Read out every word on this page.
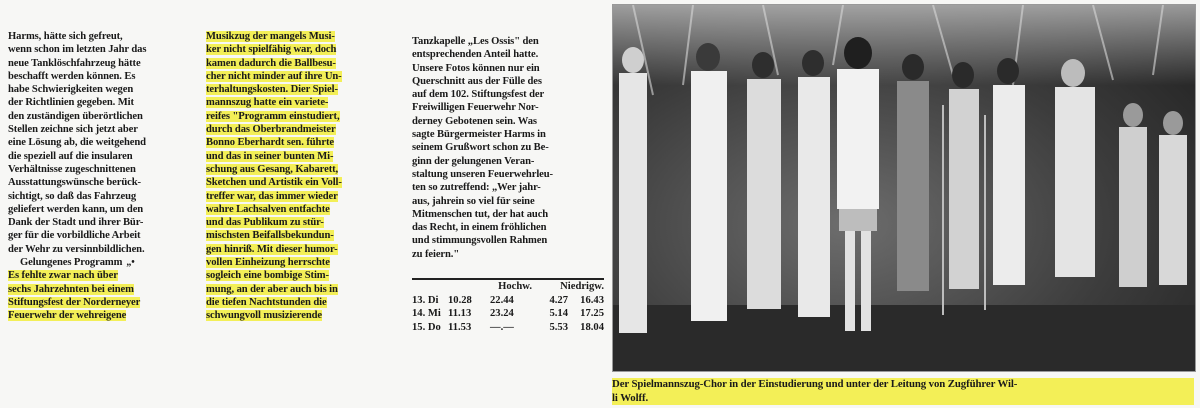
Harms, hätte sich gefreut,
wenn schon im letzten Jahr das
neue Tanklöschfahrzeug hätte
beschafft werden können. Es
habe Schwierigkeiten wegen
der Richtlinien gegeben. Mit
den zuständigen überörtlichen
Stellen zeichne sich jetzt aber
eine Lösung ab, die weitgehend
die speziell auf die insularen
Verhältnisse zugeschnittenen
Ausstattungswünsche berück-
sichtigt, so daß das Fahrzeug
geliefert werden kann, um den
Dank der Stadt und ihrer Bür-
ger für die vorbildliche Arbeit
der Wehr zu versinnbildlichen.

Gelungenes Programm „•

Es fehlte zwar nach über
sechs Jahrzehnten bei einem
Stiftungsfest der Norderneyer
Feuerwehr der wehreigene

Musikzug der mangels Musi-
ker nicht spielfähig war, doch
kamen dadurch die Ballbesu-
cher nicht minder auf ihre Un-
terhaltungskosten. Dier Spiel-
mannszug hatte ein variete-
reifes "Programm einstudiert,
durch das Oberbrandmeister
Bonno Eberhardt sen. führte
und das in seiner bunten Mi-
schung aus Gesang, Kabarett,
Sketchen und Artistik ein Voll-
treffer war, das immer wieder
wahre Lachsalven entfachte
und das Publikum zu stür-
mischsten Beifallsbekundun-
gen hinriß. Mit dieser humor-
vollen Einheizung herrschte
sogleich eine bombige Stim-
mung, an der aber auch bis in
die tiefen Nachtstunden die
schwungvoll musizierende

Tanzkapelle „Les Ossis" den
entsprechenden Anteil hatte.
Unsere Fotos können nur ein
Querschnitt aus der Fülle des
auf dem 102. Stiftungsfest der
Freiwilligen Feuerwehr Nor-
derney Gebotenen sein. Was
sagte Bürgermeister Harms in
seinem Grußwort schon zu Be-
ginn der gelungenen Veran-
staltung unseren Feuerwehrleu-
ten so zutreffend: „Wer jahr-
aus, jahrein so viel für seine
Mitmenschen tut, der hat auch
das Recht, in einem fröhlichen
und stimmungsvollen Rahmen
zu feiern."

Hochw.	Niedrigw.
13. Di 10.28	22.44	4.27	16.43
14. Mi 11.13	23.24	5.14	17.25
15. Do 11.53	—.—	5.53	18.04
Der Spielmannszug-Chor in der Einstudierung und unter der Leitung von Zugführer Wil-
li Wolff.
